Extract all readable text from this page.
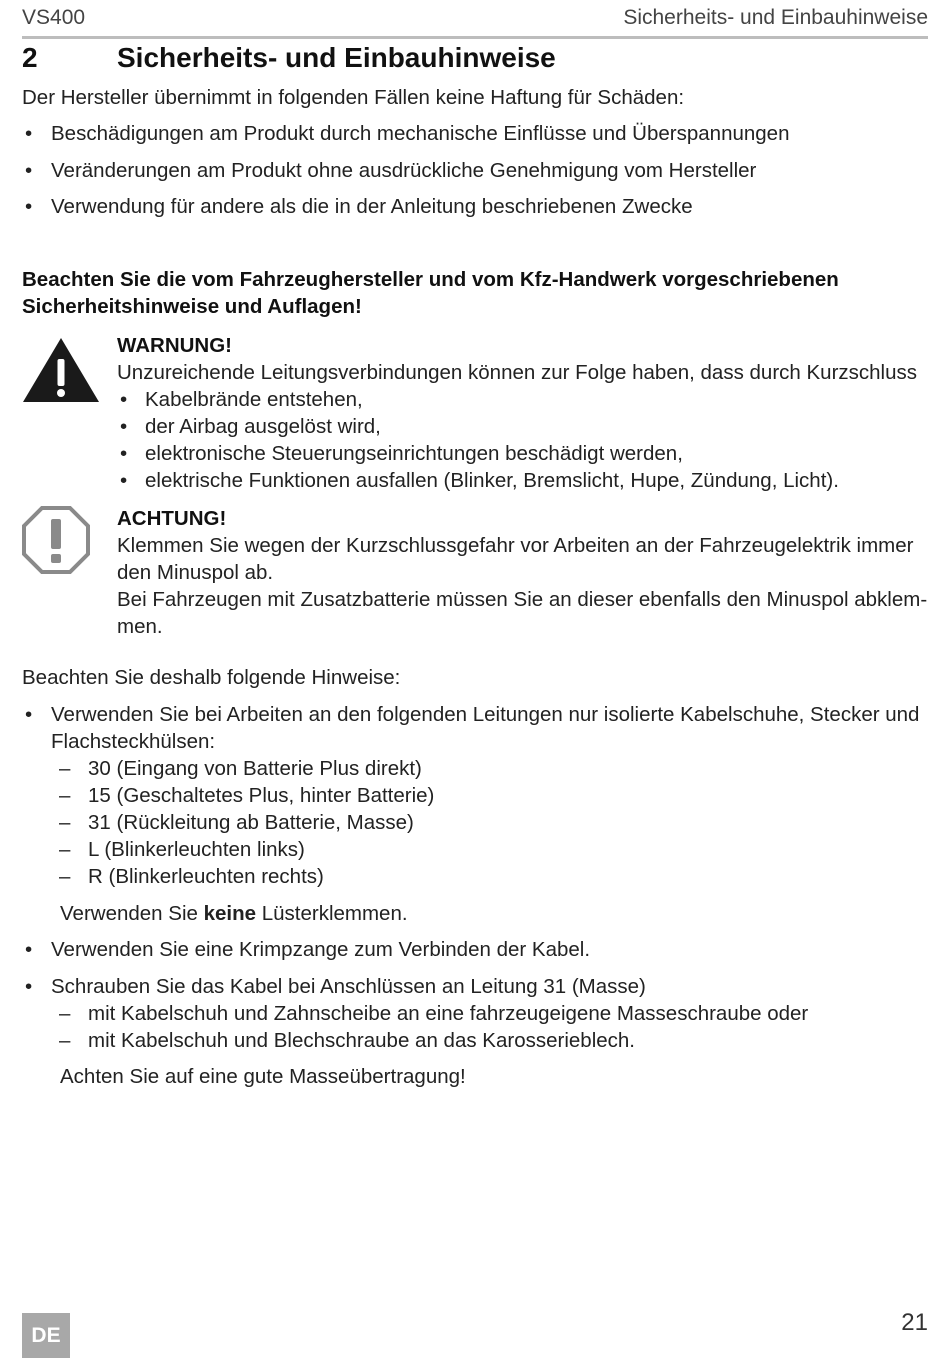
VS400	Sicherheits- und Einbauhinweise
2	Sicherheits- und Einbauhinweise

Der Hersteller übernimmt in folgenden Fällen keine Haftung für Schäden:

• Beschädigungen am Produkt durch mechanische Einflüsse und Überspannungen
• Veränderungen am Produkt ohne ausdrückliche Genehmigung vom Hersteller
• Verwendung für andere als die in der Anleitung beschriebenen Zwecke

Beachten Sie die vom Fahrzeughersteller und vom Kfz-Handwerk vorgeschriebenen Sicherheitshinweise und Auflagen!

WARNUNG!

Unzureichende Leitungsverbindungen können zur Folge haben, dass durch Kurzschluss

• Kabelbrände entstehen,
• der Airbag ausgelöst wird,
• elektronische Steuerungseinrichtungen beschädigt werden,
• elektrische Funktionen ausfallen (Blinker, Bremslicht, Hupe, Zündung, Licht).

ACHTUNG!

Klemmen Sie wegen der Kurzschlussgefahr vor Arbeiten an der Fahrzeugelektrik immer den Minuspol ab.

Bei Fahrzeugen mit Zusatzbatterie müssen Sie an dieser ebenfalls den Minuspol abklem-men.

Beachten Sie deshalb folgende Hinweise:

• Verwenden Sie bei Arbeiten an den folgenden Leitungen nur isolierte Kabelschuhe, Stecker und Flachsteckhülsen:
– 30 (Eingang von Batterie Plus direkt)
– 15 (Geschaltetes Plus, hinter Batterie)
– 31 (Rückleitung ab Batterie, Masse)
– L (Blinkerleuchten links)
– R (Blinkerleuchten rechts)

Verwenden Sie keine Lüsterklemmen.

• Verwenden Sie eine Krimpzange zum Verbinden der Kabel.
• Schrauben Sie das Kabel bei Anschlüssen an Leitung 31 (Masse)
– mit Kabelschuh und Zahnscheibe an eine fahrzeugeigene Masseschraube oder
– mit Kabelschuh und Blechschraube an das Karosserieblech.

Achten Sie auf eine gute Masseübertragung!

DE	21
